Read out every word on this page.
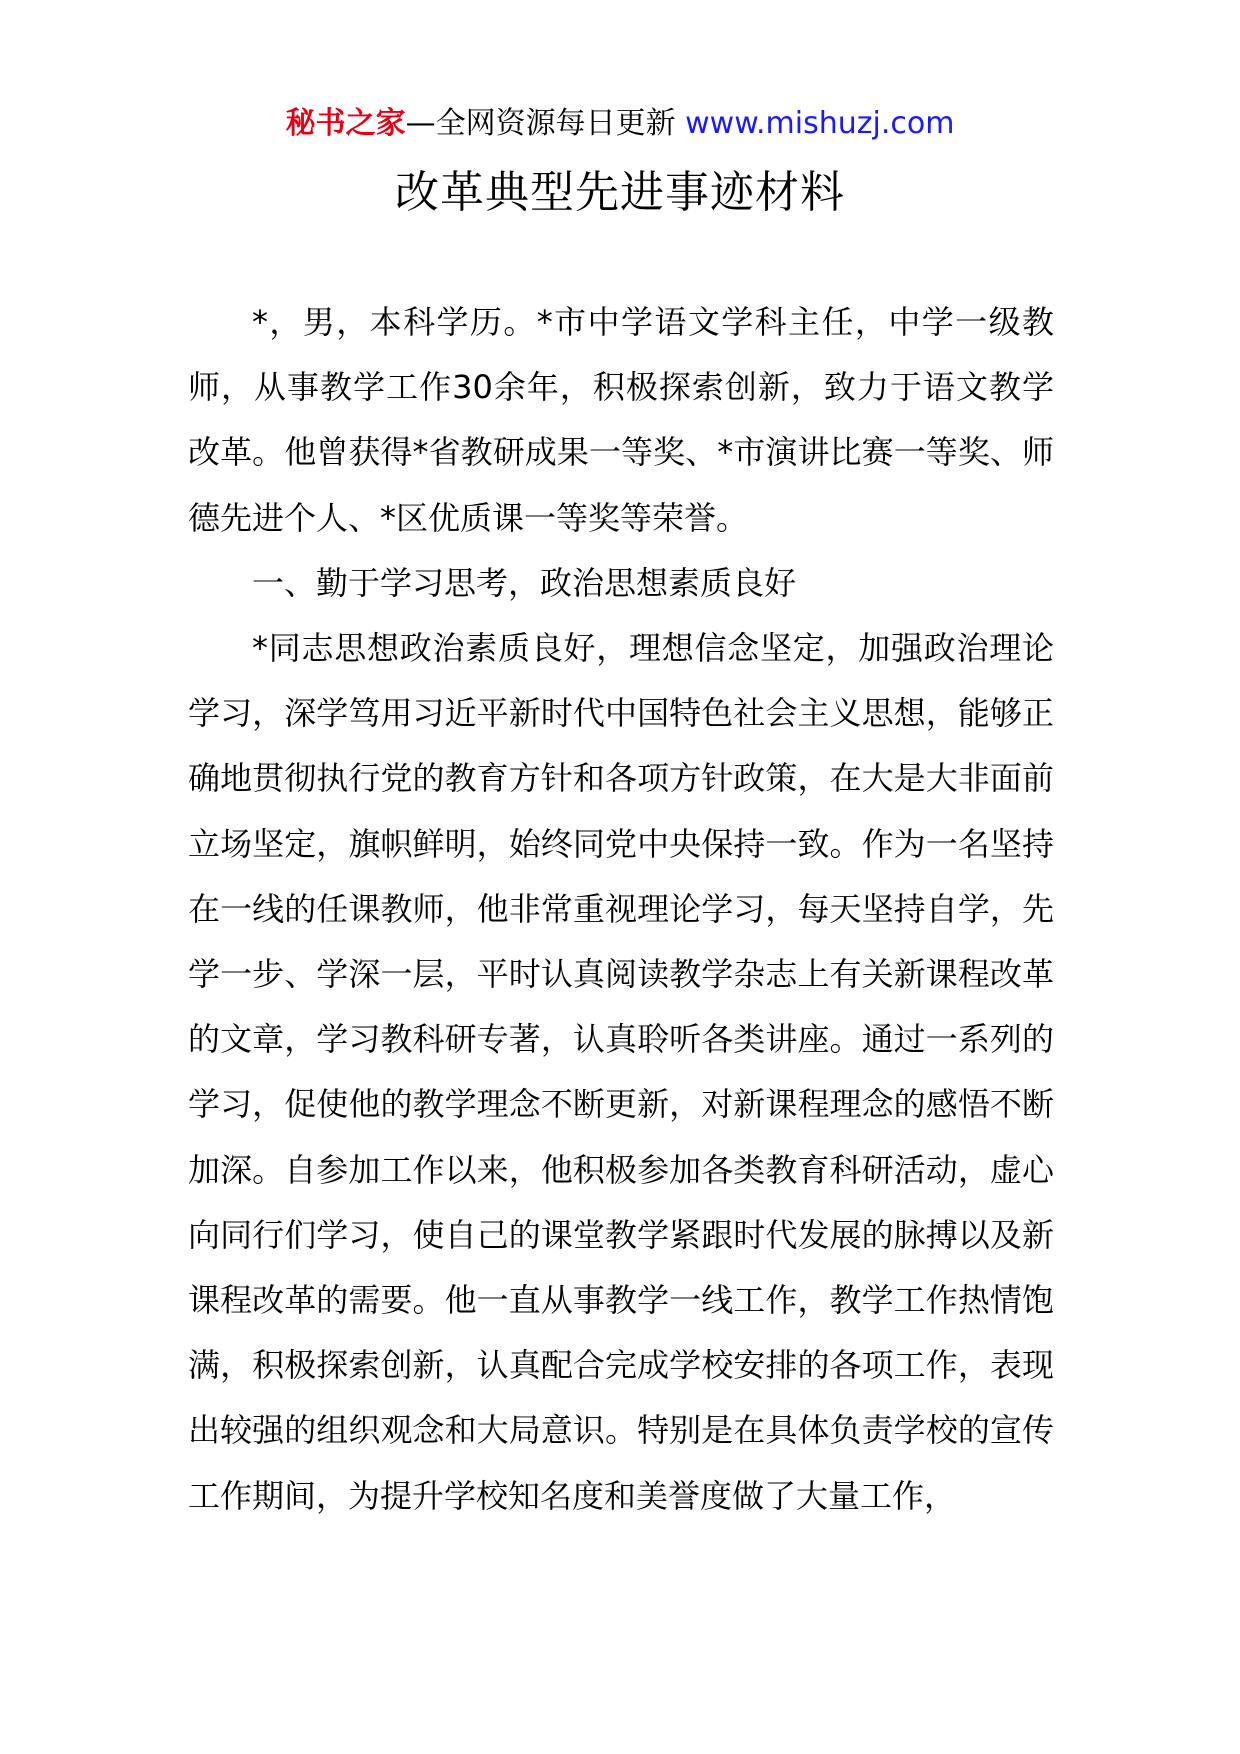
秘书之家—全网资源每日更新 www.mishuzj.com
改革典型先进事迹材料

*，男，本科学历。*市中学语文学科主任，中学一级教师，从事教学工作30余年，积极探索创新，致力于语文教学改革。他曾获得*省教研成果一等奖、*市演讲比赛一等奖、师德先进个人、*区优质课一等奖等荣誉。

一、勤于学习思考，政治思想素质良好

*同志思想政治素质良好，理想信念坚定，加强政治理论学习，深学笃用习近平新时代中国特色社会主义思想，能够正确地贯彻执行党的教育方针和各项方针政策，在大是大非面前立场坚定，旗帜鲜明，始终同党中央保持一致。作为一名坚持在一线的任课教师，他非常重视理论学习，每天坚持自学，先学一步、学深一层，平时认真阅读教学杂志上有关新课程改革的文章，学习教科研专著，认真聆听各类讲座。通过一系列的学习，促使他的教学理念不断更新，对新课程理念的感悟不断加深。自参加工作以来，他积极参加各类教育科研活动，虚心向同行们学习，使自己的课堂教学紧跟时代发展的脉搏以及新课程改革的需要。他一直从事教学一线工作，教学工作热情饱满，积极探索创新，认真配合完成学校安排的各项工作，表现出较强的组织观念和大局意识。特别是在具体负责学校的宣传工作期间，为提升学校知名度和美誉度做了大量工作，
